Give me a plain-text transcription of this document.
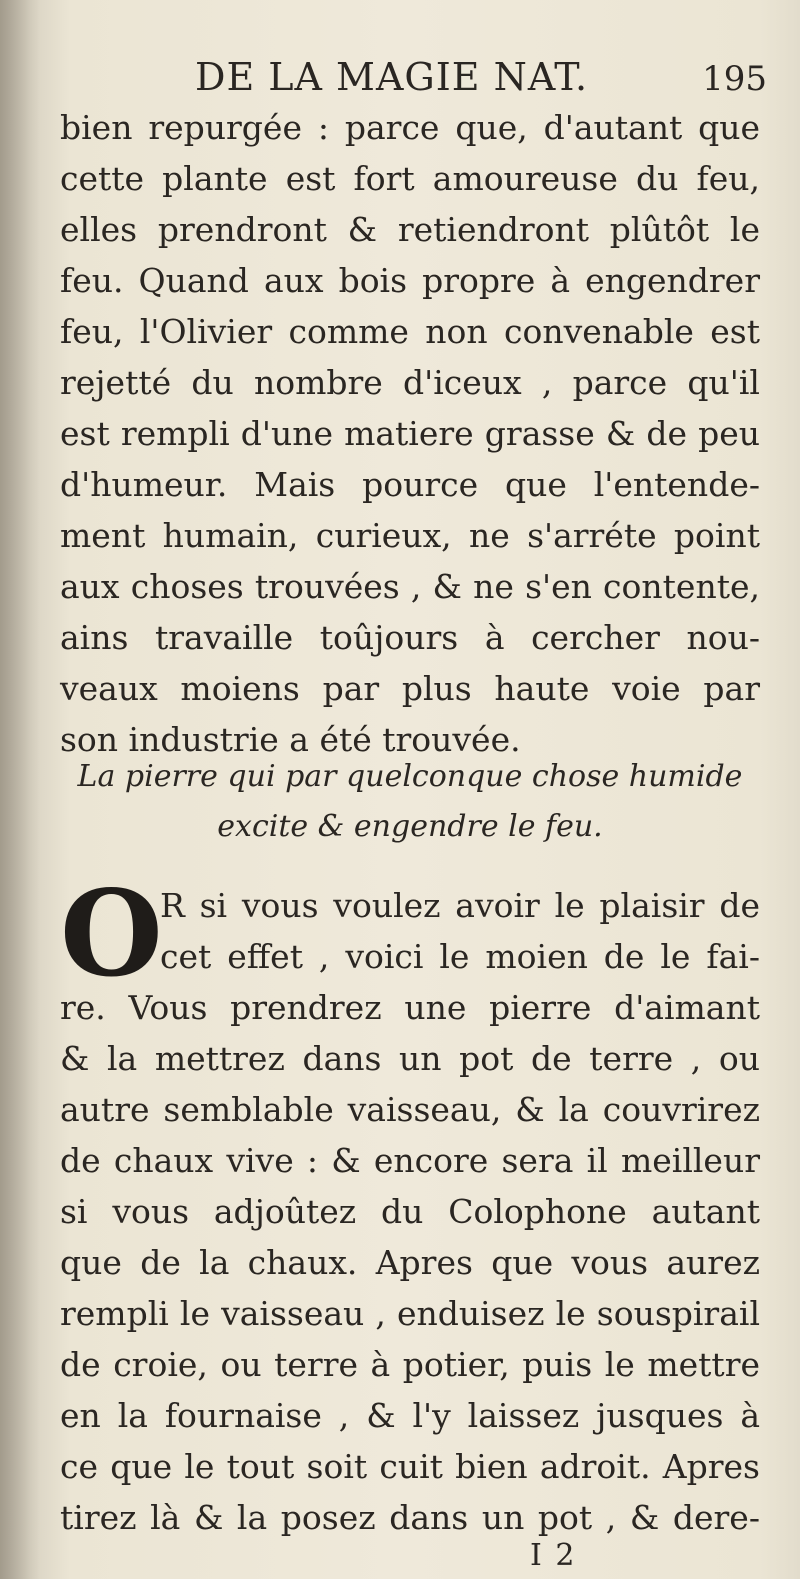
DE LA MAGIE NAT.	195
bien repurgée : parce que, d'autant que
cette plante est fort amoureuse du feu,
elles prendront & retiendront plûtôt le
feu. Quand aux bois propre à engendrer
feu, l'Olivier comme non convenable est
rejetté du nombre d'iceux , parce qu'il
est rempli d'une matiere grasse & de peu
d'humeur. Mais pource que l'entende-
ment humain, curieux, ne s'arréte point
aux choses trouvées , & ne s'en contente,
ains travaille toûjours à cercher nou-
veaux moiens par plus haute voie par
son industrie a été trouvée.
La pierre qui par quelconque chose humide
excite & engendre le feu.
O
R si vous voulez avoir le plaisir de
cet effet , voici le moien de le fai-
re. Vous prendrez une pierre d'aimant
& la mettrez dans un pot de terre , ou
autre semblable vaisseau, & la couvrirez
de chaux vive : & encore sera il meilleur
si vous adjoûtez du Colophone autant
que de la chaux. Apres que vous aurez
rempli le vaisseau , enduisez le souspirail
de croie, ou terre à potier, puis le mettre
en la fournaise , & l'y laissez jusques à
ce que le tout soit cuit bien adroit. Apres
tirez là & la posez dans un pot , & dere-
I 2
